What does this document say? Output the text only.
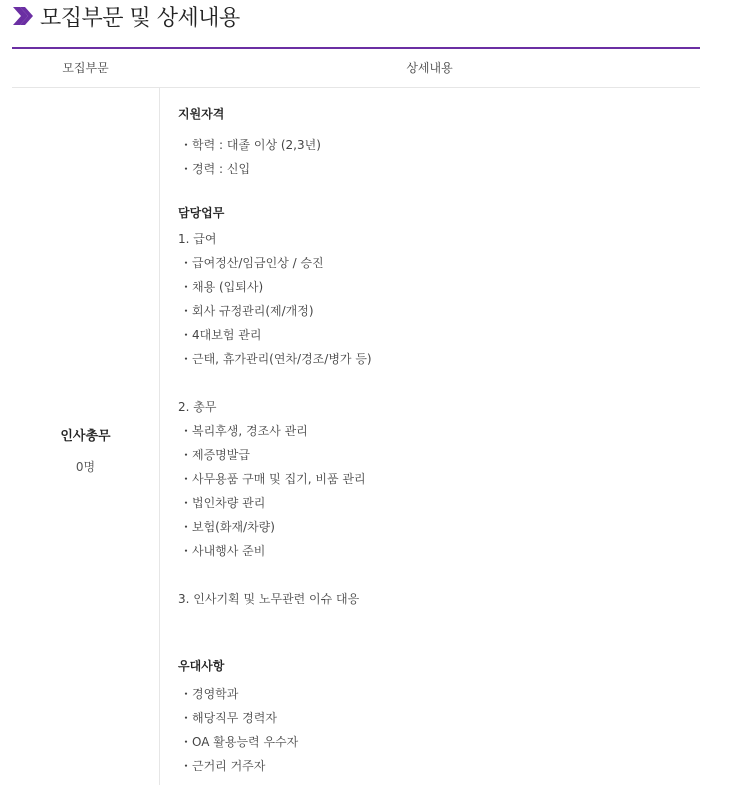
모집부문 및 상세내용
모집부문	상세내용
인사총무
0명
지원자격
・학력 : 대졸 이상 (2,3년)
・경력 : 신입
담당업무
1. 급여
・급여정산/임금인상 / 승진
・채용 (입퇴사)
・회사 규정관리(제/개정)
・4대보험 관리
・근태, 휴가관리(연차/경조/병가 등)
2. 총무
・복리후생, 경조사 관리
・제증명발급
・사무용품 구매 및 집기, 비품 관리
・법인차량 관리
・보험(화재/차량)
・사내행사 준비
3. 인사기획 및 노무관련 이슈 대응
우대사항
・경영학과
・해당직무 경력자
・OA 활용능력 우수자
・근거리 거주자
